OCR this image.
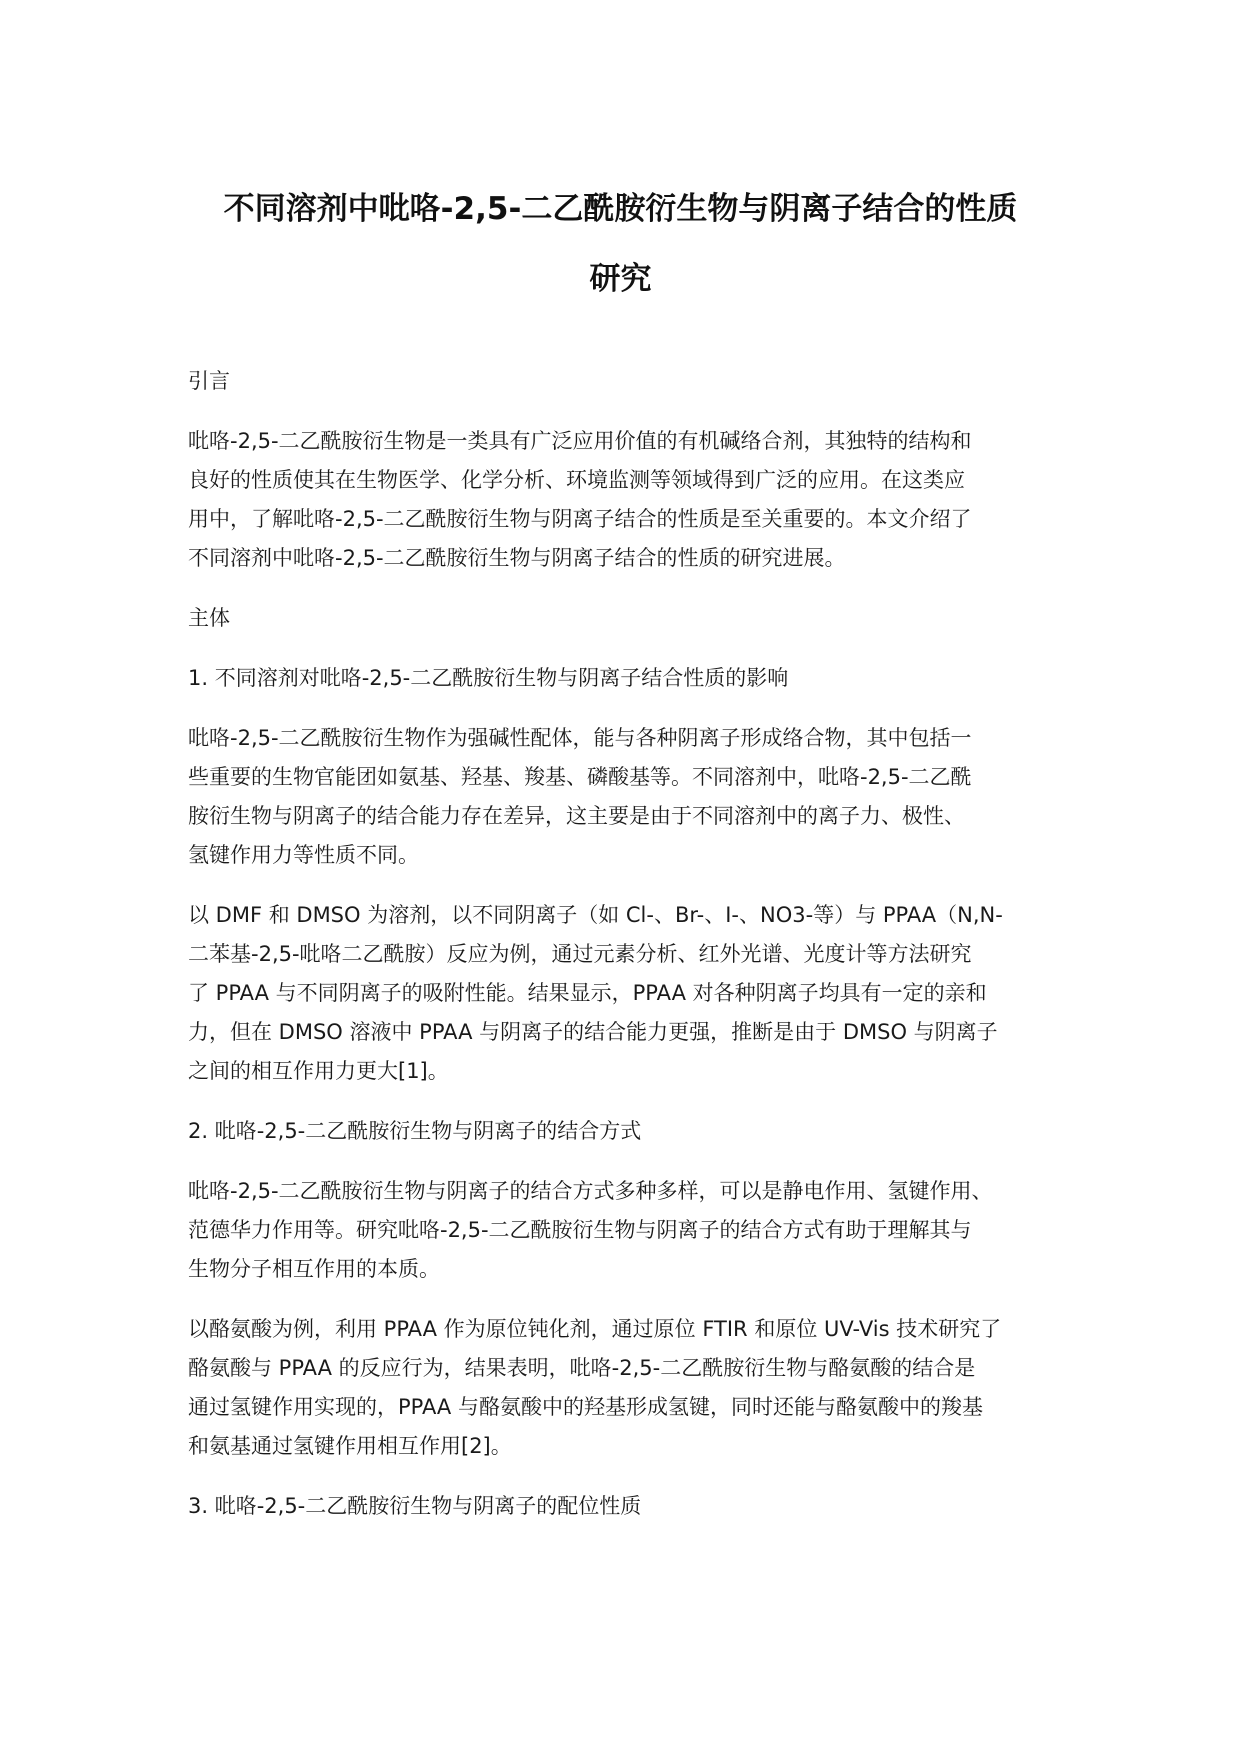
不同溶剂中吡咯-2,5-二乙酰胺衍生物与阴离子结合的性质
研究
引言
吡咯-2,5-二乙酰胺衍生物是一类具有广泛应用价值的有机碱络合剂，其独特的结构和
良好的性质使其在生物医学、化学分析、环境监测等领域得到广泛的应用。在这类应
用中，了解吡咯-2,5-二乙酰胺衍生物与阴离子结合的性质是至关重要的。本文介绍了
不同溶剂中吡咯-2,5-二乙酰胺衍生物与阴离子结合的性质的研究进展。
主体
1. 不同溶剂对吡咯-2,5-二乙酰胺衍生物与阴离子结合性质的影响
吡咯-2,5-二乙酰胺衍生物作为强碱性配体，能与各种阴离子形成络合物，其中包括一
些重要的生物官能团如氨基、羟基、羧基、磷酸基等。不同溶剂中，吡咯-2,5-二乙酰
胺衍生物与阴离子的结合能力存在差异，这主要是由于不同溶剂中的离子力、极性、
氢键作用力等性质不同。
以 DMF 和 DMSO 为溶剂，以不同阴离子（如 Cl-、Br-、I-、NO3-等）与 PPAA（N,N-
二苯基-2,5-吡咯二乙酰胺）反应为例，通过元素分析、红外光谱、光度计等方法研究
了 PPAA 与不同阴离子的吸附性能。结果显示，PPAA 对各种阴离子均具有一定的亲和
力，但在 DMSO 溶液中 PPAA 与阴离子的结合能力更强，推断是由于 DMSO 与阴离子
之间的相互作用力更大[1]。
2. 吡咯-2,5-二乙酰胺衍生物与阴离子的结合方式
吡咯-2,5-二乙酰胺衍生物与阴离子的结合方式多种多样，可以是静电作用、氢键作用、
范德华力作用等。研究吡咯-2,5-二乙酰胺衍生物与阴离子的结合方式有助于理解其与
生物分子相互作用的本质。
以酪氨酸为例，利用 PPAA 作为原位钝化剂，通过原位 FTIR 和原位 UV-Vis 技术研究了
酪氨酸与 PPAA 的反应行为，结果表明，吡咯-2,5-二乙酰胺衍生物与酪氨酸的结合是
通过氢键作用实现的，PPAA 与酪氨酸中的羟基形成氢键，同时还能与酪氨酸中的羧基
和氨基通过氢键作用相互作用[2]。
3. 吡咯-2,5-二乙酰胺衍生物与阴离子的配位性质
